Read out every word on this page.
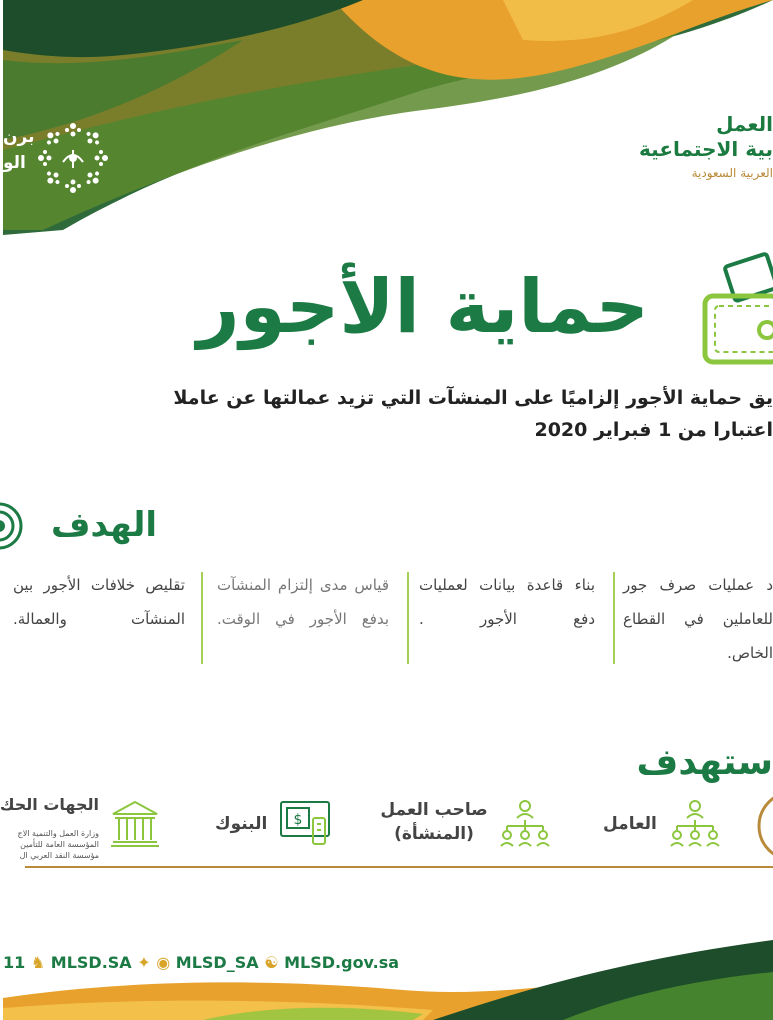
العمل
بية الاجتماعية
العربية السعودية
برن
الو
حماية الأجور
يق حماية الأجور إلزاميًا على المنشآت التي تزيد عمالتها عن عاملا اعتبارا من 1 فبراير 2020
الهدف
د عمليات صرف جور للعاملين في القطاع الخاص.
بناء قاعدة بيانات لعمليات دفع الأجور .
قياس مدى إلتزام المنشآت بدفع الأجور في الوقت.
تقليص خلافات الأجور بين المنشآت والعمالة.
ستهدف
العامل
صاحب العمل
(المنشأة)
$
البنوك
الجهات الحك
وزارة العمل والتنمية الاج
المؤسسة العامة للتأمين
مؤسسة النقد العربي ال
11 ♞ MLSD.SA ✦ ◉ MLSD_SA ☯ MLSD.gov.sa
